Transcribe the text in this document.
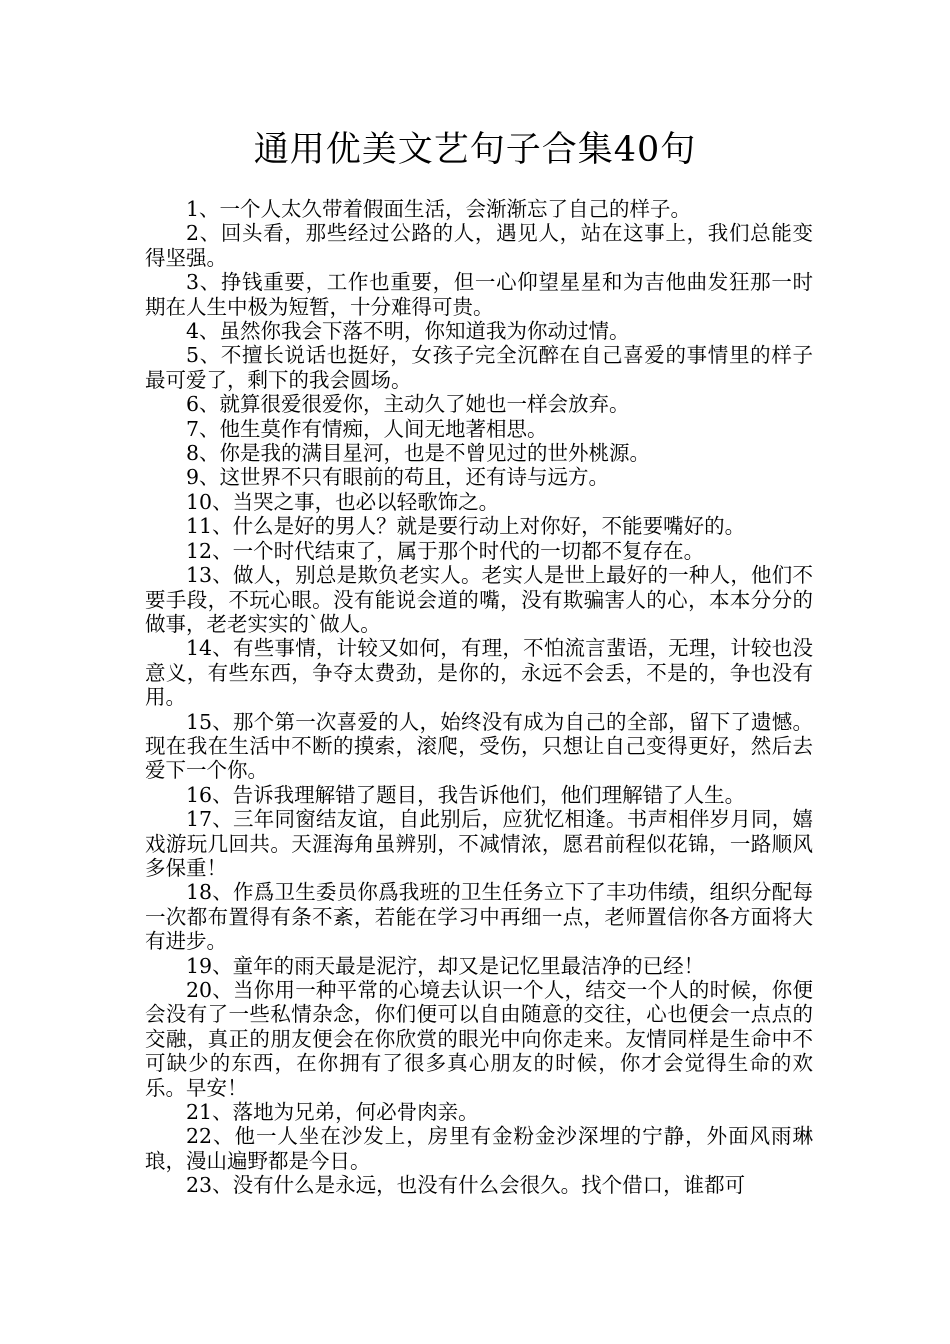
通用优美文艺句子合集40句

1、一个人太久带着假面生活，会渐渐忘了自己的样子。

2、回头看，那些经过公路的人，遇见人，站在这事上，我们总能变得坚强。

3、挣钱重要，工作也重要，但一心仰望星星和为吉他曲发狂那一时期在人生中极为短暂，十分难得可贵。

4、虽然你我会下落不明，你知道我为你动过情。

5、不擅长说话也挺好，女孩子完全沉醉在自己喜爱的事情里的样子最可爱了，剩下的我会圆场。

6、就算很爱很爱你，主动久了她也一样会放弃。

7、他生莫作有情痴，人间无地著相思。

8、你是我的满目星河，也是不曾见过的世外桃源。

9、这世界不只有眼前的苟且，还有诗与远方。

10、当哭之事，也必以轻歌饰之。

11、什么是好的男人？就是要行动上对你好，不能要嘴好的。

12、一个时代结束了，属于那个时代的一切都不复存在。

13、做人，别总是欺负老实人。老实人是世上最好的一种人，他们不要手段，不玩心眼。没有能说会道的嘴，没有欺骗害人的心，本本分分的做事，老老实实的`做人。

14、有些事情，计较又如何，有理，不怕流言蜚语，无理，计较也没意义，有些东西，争夺太费劲，是你的，永远不会丢，不是的，争也没有用。

15、那个第一次喜爱的人，始终没有成为自己的全部，留下了遗憾。现在我在生活中不断的摸索，滚爬，受伤，只想让自己变得更好，然后去爱下一个你。

16、告诉我理解错了题目，我告诉他们，他们理解错了人生。

17、三年同窗结友谊，自此别后，应犹忆相逢。书声相伴岁月同，嬉戏游玩几回共。天涯海角虽辨别，不减情浓，愿君前程似花锦，一路顺风多保重！

18、作爲卫生委员你爲我班的卫生任务立下了丰功伟绩，组织分配每一次都布置得有条不紊，若能在学习中再细一点，老师置信你各方面将大有进步。

19、童年的雨天最是泥泞，却又是记忆里最洁净的已经！

20、当你用一种平常的心境去认识一个人，结交一个人的时候，你便会没有了一些私情杂念，你们便可以自由随意的交往，心也便会一点点的交融，真正的朋友便会在你欣赏的眼光中向你走来。友情同样是生命中不可缺少的东西，在你拥有了很多真心朋友的时候，你才会觉得生命的欢乐。早安！

21、落地为兄弟，何必骨肉亲。

22、他一人坐在沙发上，房里有金粉金沙深埋的宁静，外面风雨琳琅，漫山遍野都是今日。

23、没有什么是永远，也没有什么会很久。找个借口，谁都可
